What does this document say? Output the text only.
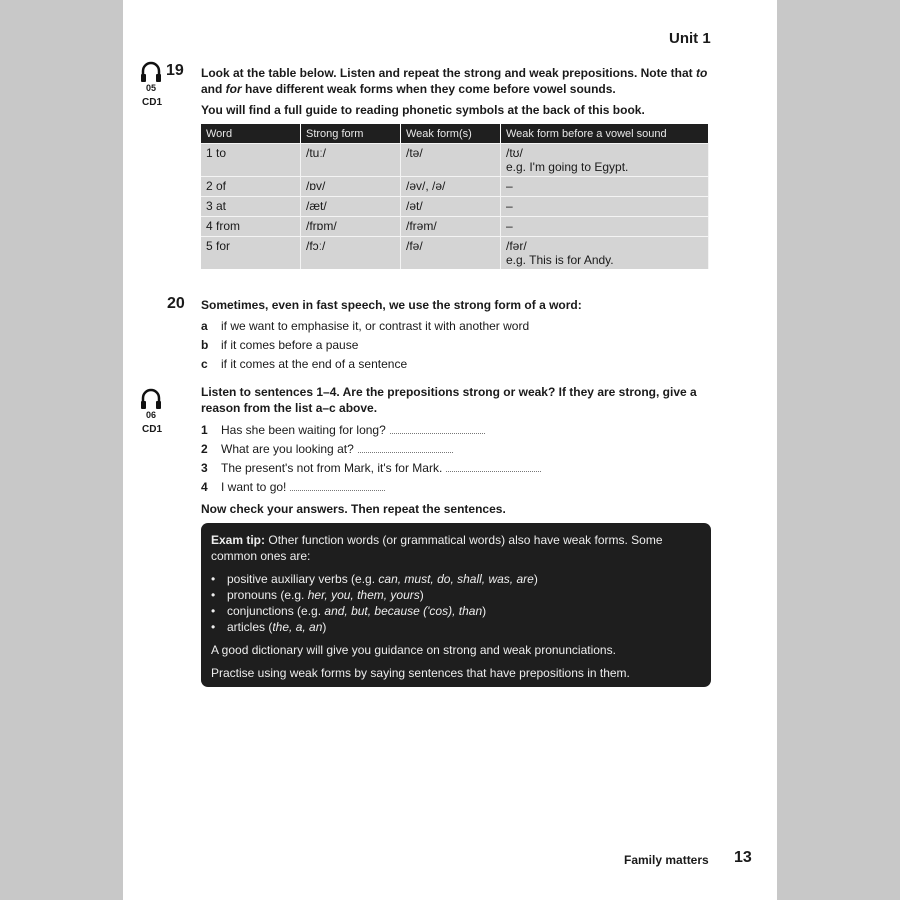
Unit 1
19
05
CD1
Look at the table below. Listen and repeat the strong and weak prepositions. Note that to
and for have different weak forms when they come before vowel sounds.
You will find a full guide to reading phonetic symbols at the back of this book.
Word	Strong form	Weak form(s)	Weak form before a vowel sound
1 to	/tuː/	/tə/	/tʊ/
e.g. I'm going to Egypt.

2 of	/ɒv/	/əv/, /ə/	–
3 at	/æt/	/ət/	–
4 from	/frɒm/	/frəm/	–
5 for	/fɔː/	/fə/	/fər/
e.g. This is for Andy.
20 Sometimes, even in fast speech, we use the strong form of a word:
a if we want to emphasise it, or contrast it with another word
b if it comes before a pause
c if it comes at the end of a sentence
06
CD1
Listen to sentences 1–4. Are the prepositions strong or weak? If they are strong, give a reason from the list a–c above.
1 Has she been waiting for long?
2 What are you looking at?
3 The present's not from Mark, it's for Mark.
4 I want to go!
Now check your answers. Then repeat the sentences.
Exam tip: Other function words (or grammatical words) also have weak forms. Some common ones are:
• positive auxiliary verbs (e.g. can, must, do, shall, was, are)
• pronouns (e.g. her, you, them, yours)
• conjunctions (e.g. and, but, because ('cos), than)
• articles (the, a, an)

A good dictionary will give you guidance on strong and weak pronunciations.

Practise using weak forms by saying sentences that have prepositions in them.

Family matters 13
